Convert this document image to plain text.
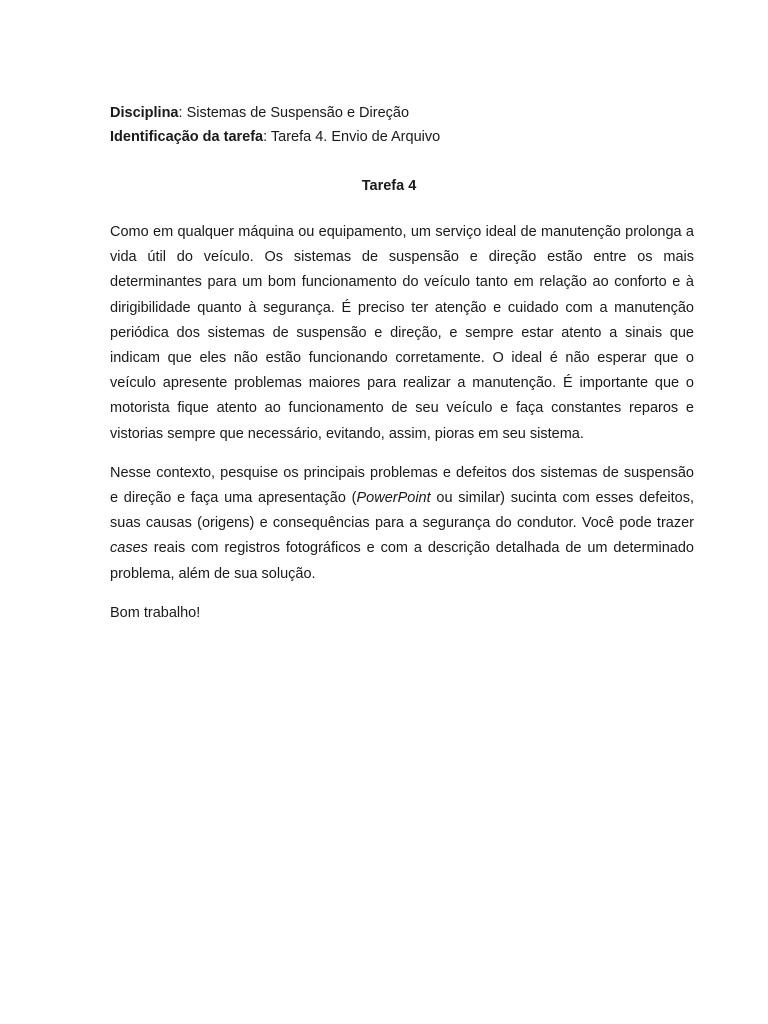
Disciplina: Sistemas de Suspensão e Direção

Identificação da tarefa: Tarefa 4. Envio de Arquivo

Tarefa 4

Como em qualquer máquina ou equipamento, um serviço ideal de manutenção prolonga a vida útil do veículo. Os sistemas de suspensão e direção estão entre os mais determinantes para um bom funcionamento do veículo tanto em relação ao conforto e à dirigibilidade quanto à segurança. É preciso ter atenção e cuidado com a manutenção periódica dos sistemas de suspensão e direção, e sempre estar atento a sinais que indicam que eles não estão funcionando corretamente. O ideal é não esperar que o veículo apresente problemas maiores para realizar a manutenção. É importante que o motorista fique atento ao funcionamento de seu veículo e faça constantes reparos e vistorias sempre que necessário, evitando, assim, pioras em seu sistema.

Nesse contexto, pesquise os principais problemas e defeitos dos sistemas de suspensão e direção e faça uma apresentação (PowerPoint ou similar) sucinta com esses defeitos, suas causas (origens) e consequências para a segurança do condutor. Você pode trazer cases reais com registros fotográficos e com a descrição detalhada de um determinado problema, além de sua solução.

Bom trabalho!
